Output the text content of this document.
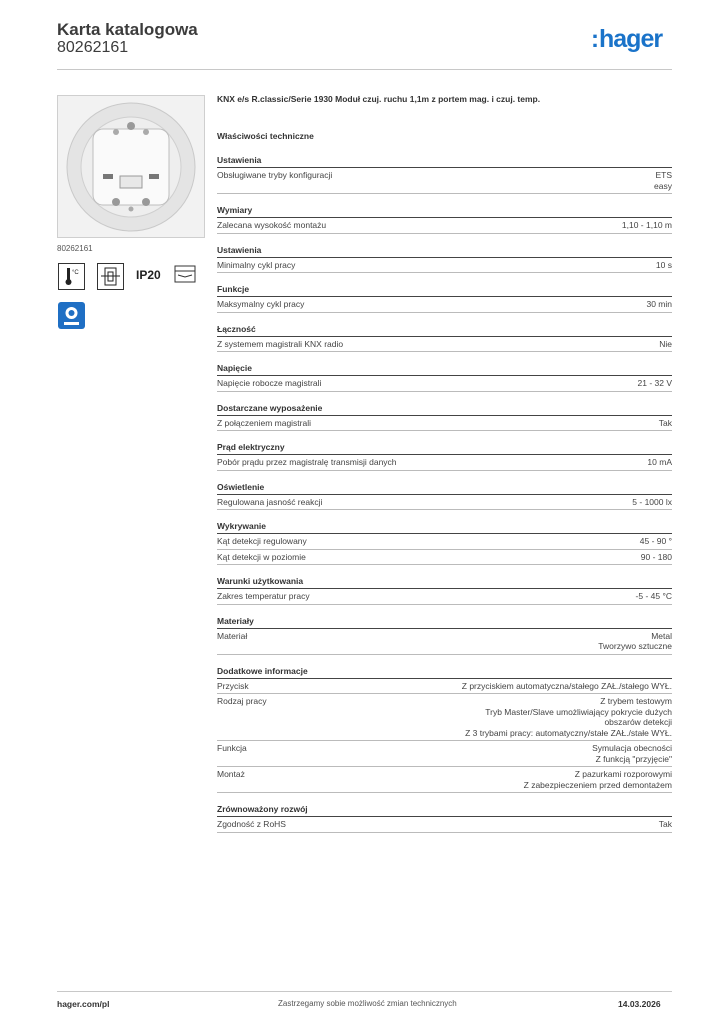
Karta katalogowa
80262161	:hager
80262161
°C	IP20
KNX e/s R.classic/Serie 1930 Moduł czuj. ruchu 1,1m z portem mag. i czuj. temp.
Właściwości techniczne
Ustawienia
Obsługiwane tryby konfiguracji	ETS
easy
Wymiary
Zalecana wysokość montażu	1,10 - 1,10 m
Ustawienia
Minimalny cykl pracy	10 s
Funkcje
Maksymalny cykl pracy	30 min
Łączność
Z systemem magistrali KNX radio	Nie
Napięcie
Napięcie robocze magistrali	21 - 32 V
Dostarczane wyposażenie
Z połączeniem magistrali	Tak
Prąd elektryczny
Pobór prądu przez magistralę transmisji danych	10 mA
Oświetlenie
Regulowana jasność reakcji	5 - 1000 lx
Wykrywanie
Kąt detekcji regulowany	45 - 90 °
Kąt detekcji w poziomie	90 - 180
Warunki użytkowania
Zakres temperatur pracy	-5 - 45 °C
Materiały
Materiał	Metal
Tworzywo sztuczne
Dodatkowe informacje
Przycisk	Z przyciskiem automatyczna/stałego ZAŁ./stałego WYŁ.
Rodzaj pracy	Z trybem testowym
Tryb Master/Slave umożliwiający pokrycie dużych
obszarów detekcji
Z 3 trybami pracy: automatyczny/stałe ZAŁ./stałe WYŁ.
Funkcja	Symulacja obecności
Z funkcją "przyjęcie"
Montaż	Z pazurkami rozporowymi
Z zabezpieczeniem przed demontażem
Zrównoważony rozwój
Zgodność z RoHS	Tak
hager.com/pl	Zastrzegamy sobie możliwość zmian technicznych	14.03.2026
